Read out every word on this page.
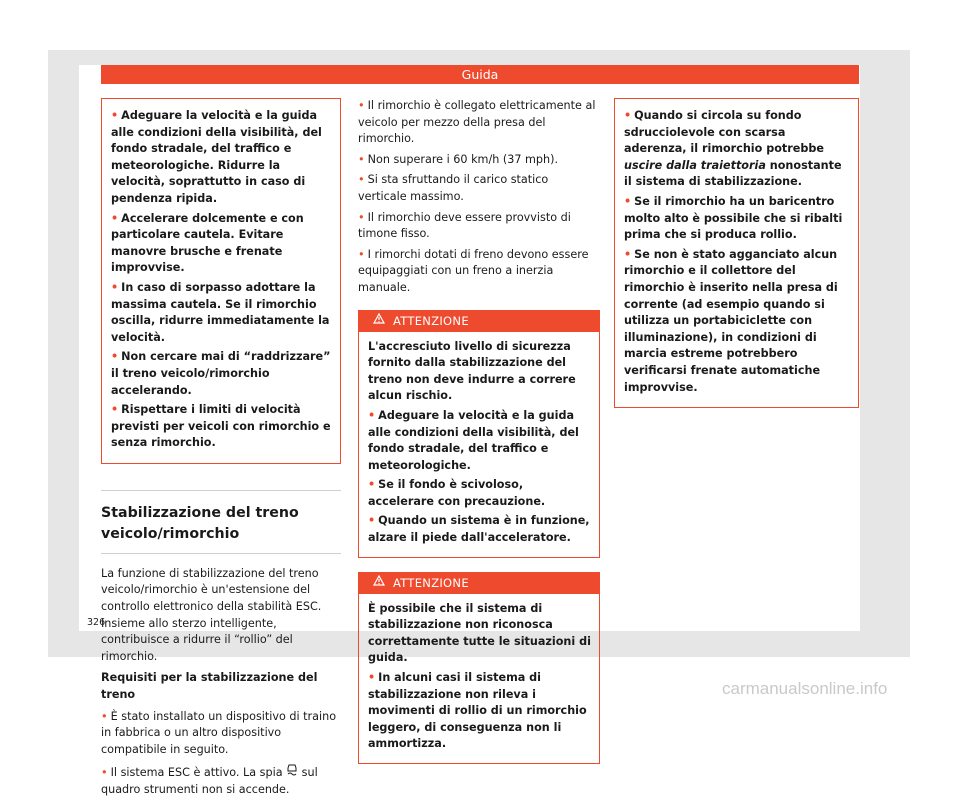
Guida

• Adeguare la velocità e la guida alle condizioni della visibilità, del fondo stradale, del traffico e meteorologiche. Ridurre la velocità, soprattutto in caso di pendenza ripida.

• Accelerare dolcemente e con particolare cautela. Evitare manovre brusche e frenate improvvise.

• In caso di sorpasso adottare la massima cautela. Se il rimorchio oscilla, ridurre immediatamente la velocità.

• Non cercare mai di “raddrizzare” il treno veicolo/rimorchio accelerando.

• Rispettare i limiti di velocità previsti per veicoli con rimorchio e senza rimorchio.

Stabilizzazione del treno veicolo/rimorchio

La funzione di stabilizzazione del treno veicolo/rimorchio è un'estensione del controllo elettronico della stabilità ESC. Insieme allo sterzo intelligente, contribuisce a ridurre il “rollio” del rimorchio.

Requisiti per la stabilizzazione del treno

• È stato installato un dispositivo di traino in fabbrica o un altro dispositivo compatibile in seguito.

• Il sistema ESC è attivo. La spia  sul quadro strumenti non si accende.

• Il rimorchio è collegato elettricamente al veicolo per mezzo della presa del rimorchio.

• Non superare i 60 km/h (37 mph).

• Si sta sfruttando il carico statico verticale massimo.

• Il rimorchio deve essere provvisto di timone fisso.

• I rimorchi dotati di freno devono essere equipaggiati con un freno a inerzia manuale.

ATTENZIONE

L'accresciuto livello di sicurezza fornito dalla stabilizzazione del treno non deve indurre a correre alcun rischio.

• Adeguare la velocità e la guida alle condizioni della visibilità, del fondo stradale, del traffico e meteorologiche.

• Se il fondo è scivoloso, accelerare con precauzione.

• Quando un sistema è in funzione, alzare il piede dall'acceleratore.

ATTENZIONE

È possibile che il sistema di stabilizzazione non riconosca correttamente tutte le situazioni di guida.

• In alcuni casi il sistema di stabilizzazione non rileva i movimenti di rollio di un rimorchio leggero, di conseguenza non li ammortizza.

• Quando si circola su fondo sdrucciolevole con scarsa aderenza, il rimorchio potrebbe uscire dalla traiettoria nonostante il sistema di stabilizzazione.

• Se il rimorchio ha un baricentro molto alto è possibile che si ribalti prima che si produca rollio.

• Se non è stato agganciato alcun rimorchio e il collettore del rimorchio è inserito nella presa di corrente (ad esempio quando si utilizza un portabiciclette con illuminazione), in condizioni di marcia estreme potrebbero verificarsi frenate automatiche improvvise.

326
carmanualsonline.info
